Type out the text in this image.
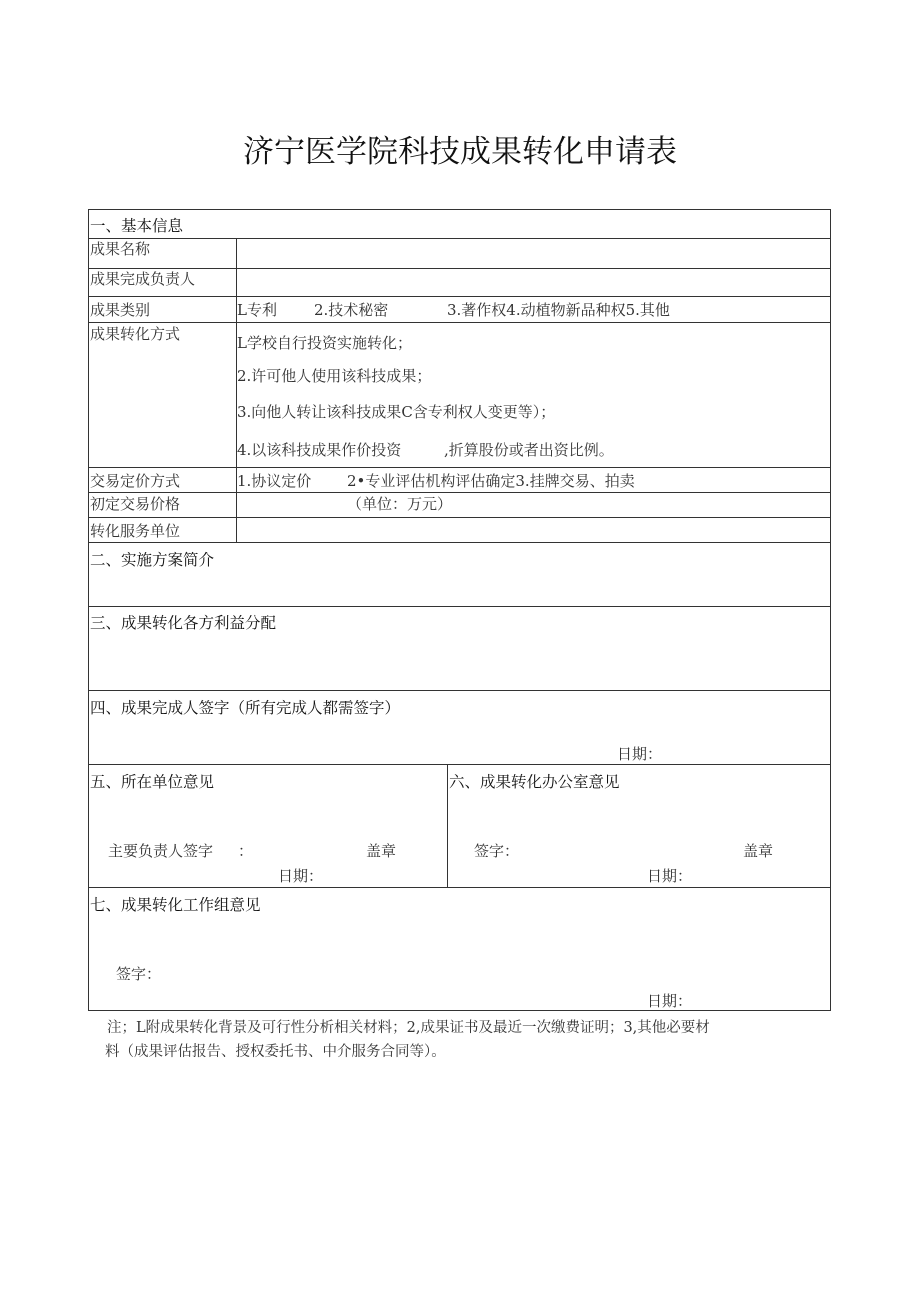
济宁医学院科技成果转化申请表
一、基本信息
成果名称
成果完成负责人
成果类别	L专利 2.技术秘密	3.著作权4.动植物新品种权5.其他
成果转化方式	L学校自行投资实施转化；
2.许可他人使用该科技成果；
3.向他人转让该科技成果C含专利权人变更等）；
4.以该科技成果作价投资	,折算股份或者出资比例。
交易定价方式	1.协议定价 2•专业评估机构评估确定3.挂牌交易、拍卖
初定交易价格	（单位：万元）
转化服务单位
二、实施方案简介
三、成果转化各方利益分配
四、成果完成人签字（所有完成人都需签字）
日期：
五、所在单位意见
主要负责人签字 ：	盖章
日期：
六、成果转化办公室意见
签字：	盖章
日期：
七、成果转化工作组意见
签字：
日期：
注；L附成果转化背景及可行性分析相关材料；2,成果证书及最近一次缴费证明；3,其他必要材
料（成果评估报告、授权委托书、中介服务合同等）。
